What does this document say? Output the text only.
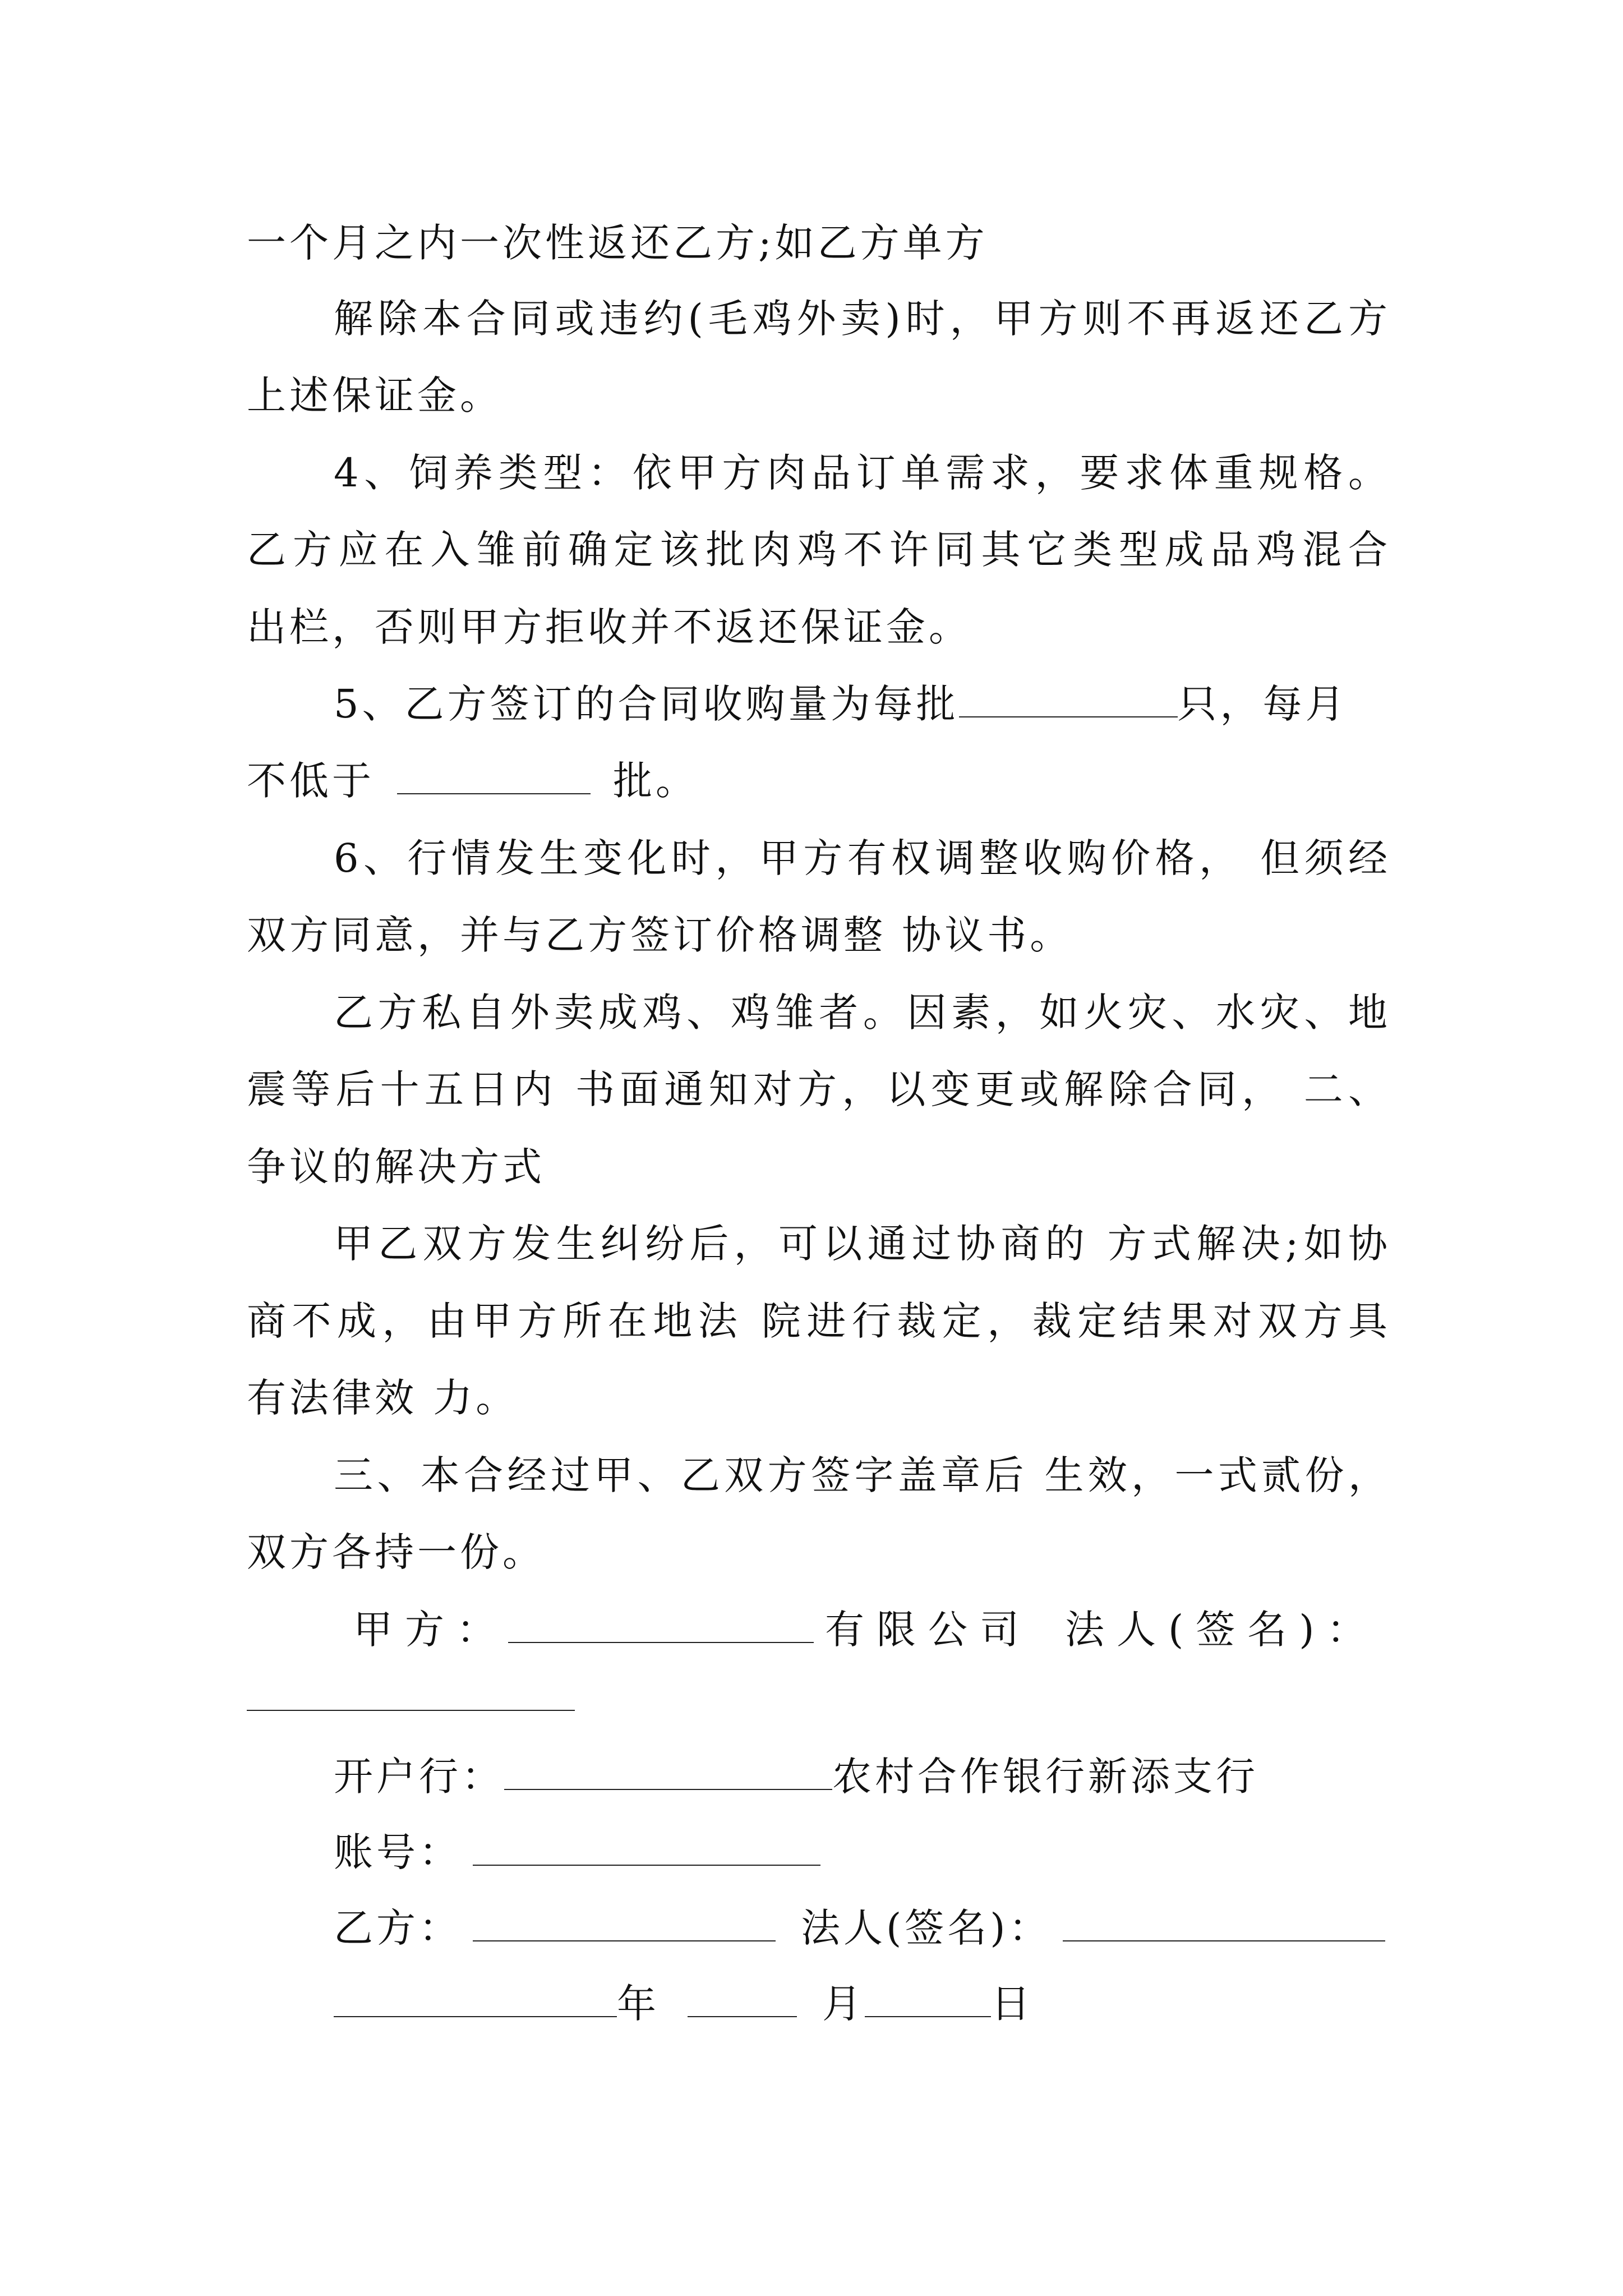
一个月之内一次性返还乙方;如乙方单方
解除本合同或违约(毛鸡外卖)时，甲方则不再返还乙方
上述保证金。
4、饲养类型：依甲方肉品订单需求，要求体重规格。
乙方应在入雏前确定该批肉鸡不许同其它类型成品鸡混合
出栏，否则甲方拒收并不返还保证金。
5、乙方签订的合同收购量为每批	只，每月
不低于	批。
6、行情发生变化时，甲方有权调整收购价格， 但须经
双方同意，并与乙方签订价格调整 协议书。
乙方私自外卖成鸡、鸡雏者。因素，如火灾、水灾、地
震等后十五日内 书面通知对方，以变更或解除合同， 二、
争议的解决方式
甲乙双方发生纠纷后，可以通过协商的 方式解决;如协
商不成，由甲方所在地法 院进行裁定，裁定结果对双方具
有法律效 力。
三、本合经过甲、乙双方签字盖章后 生效，一式贰份，
双方各持一份。
甲方：	有限公司 法人(签名)：
开户行：	农村合作银行新添支行
账号：
乙方：	法人(签名)：
年	月	日
